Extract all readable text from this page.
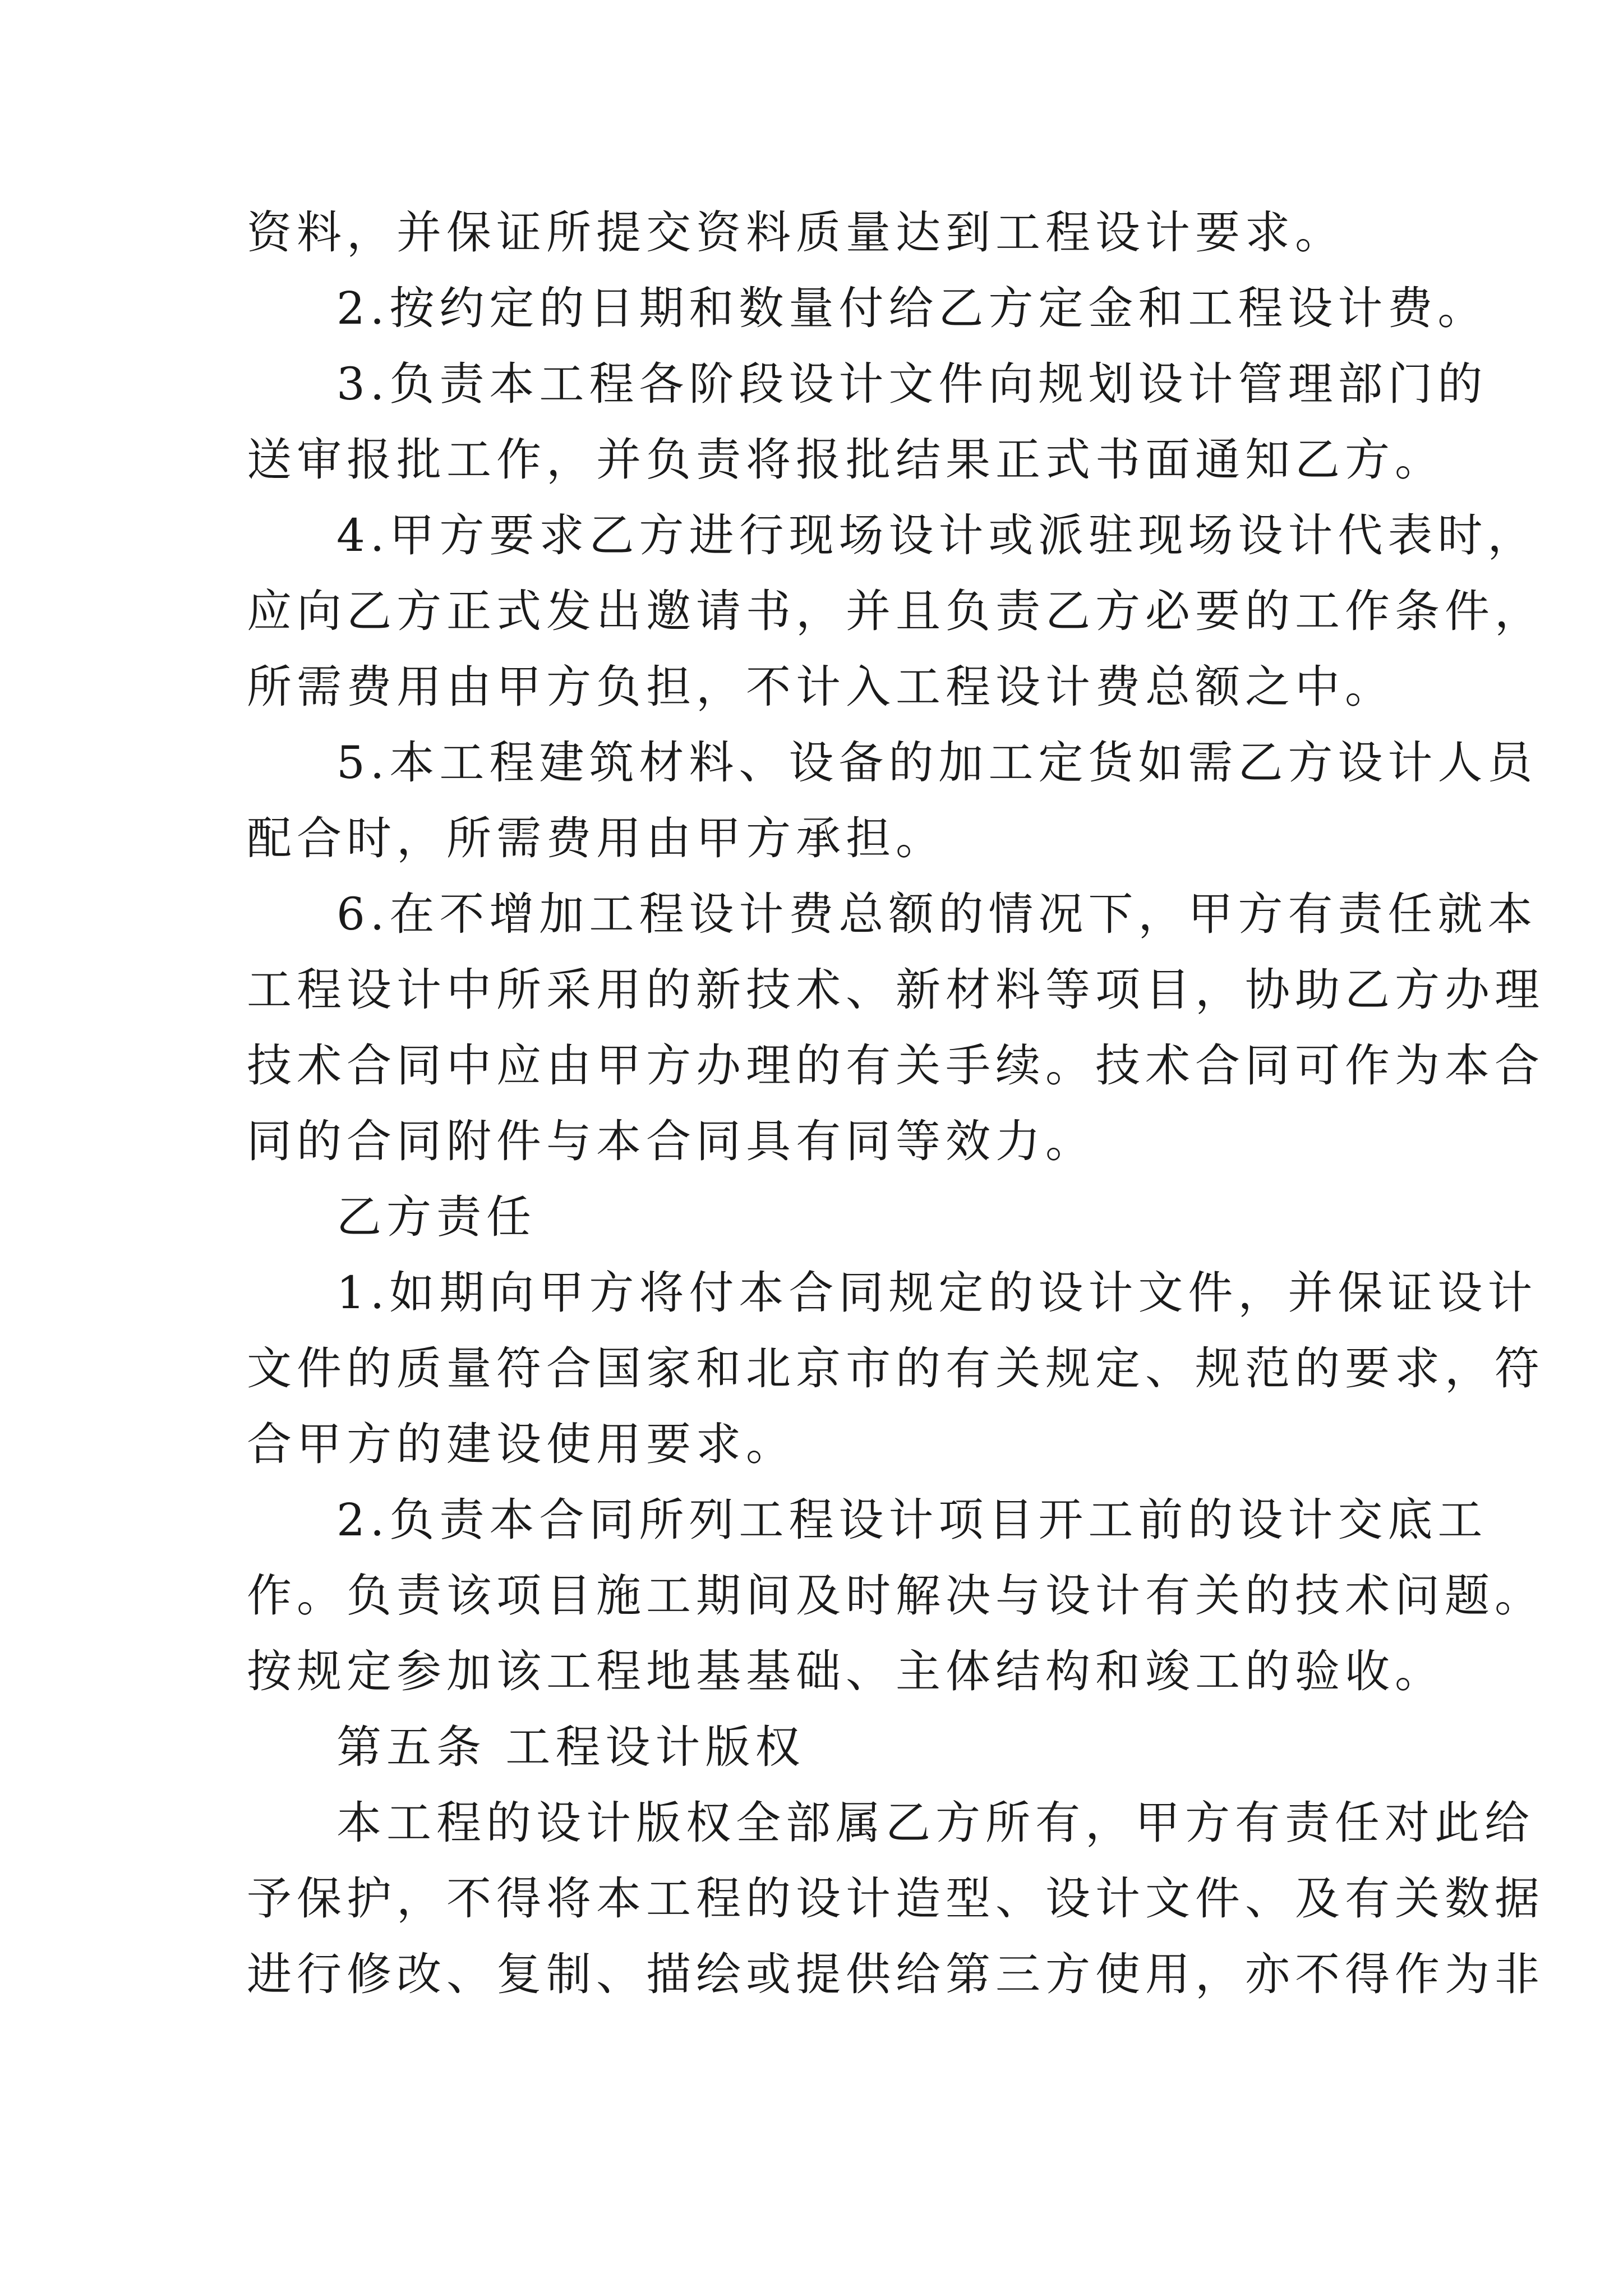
资料，并保证所提交资料质量达到工程设计要求。
2.按约定的日期和数量付给乙方定金和工程设计费。
3.负责本工程各阶段设计文件向规划设计管理部门的
送审报批工作，并负责将报批结果正式书面通知乙方。
4.甲方要求乙方进行现场设计或派驻现场设计代表时，
应向乙方正式发出邀请书，并且负责乙方必要的工作条件，
所需费用由甲方负担，不计入工程设计费总额之中。
5.本工程建筑材料、设备的加工定货如需乙方设计人员
配合时，所需费用由甲方承担。
6.在不增加工程设计费总额的情况下，甲方有责任就本
工程设计中所采用的新技术、新材料等项目，协助乙方办理
技术合同中应由甲方办理的有关手续。技术合同可作为本合
同的合同附件与本合同具有同等效力。
乙方责任
1.如期向甲方将付本合同规定的设计文件，并保证设计
文件的质量符合国家和北京市的有关规定、规范的要求，符
合甲方的建设使用要求。
2.负责本合同所列工程设计项目开工前的设计交底工
作。负责该项目施工期间及时解决与设计有关的技术问题。
按规定参加该工程地基基础、主体结构和竣工的验收。
第五条 工程设计版权
本工程的设计版权全部属乙方所有，甲方有责任对此给
予保护，不得将本工程的设计造型、设计文件、及有关数据
进行修改、复制、描绘或提供给第三方使用，亦不得作为非
